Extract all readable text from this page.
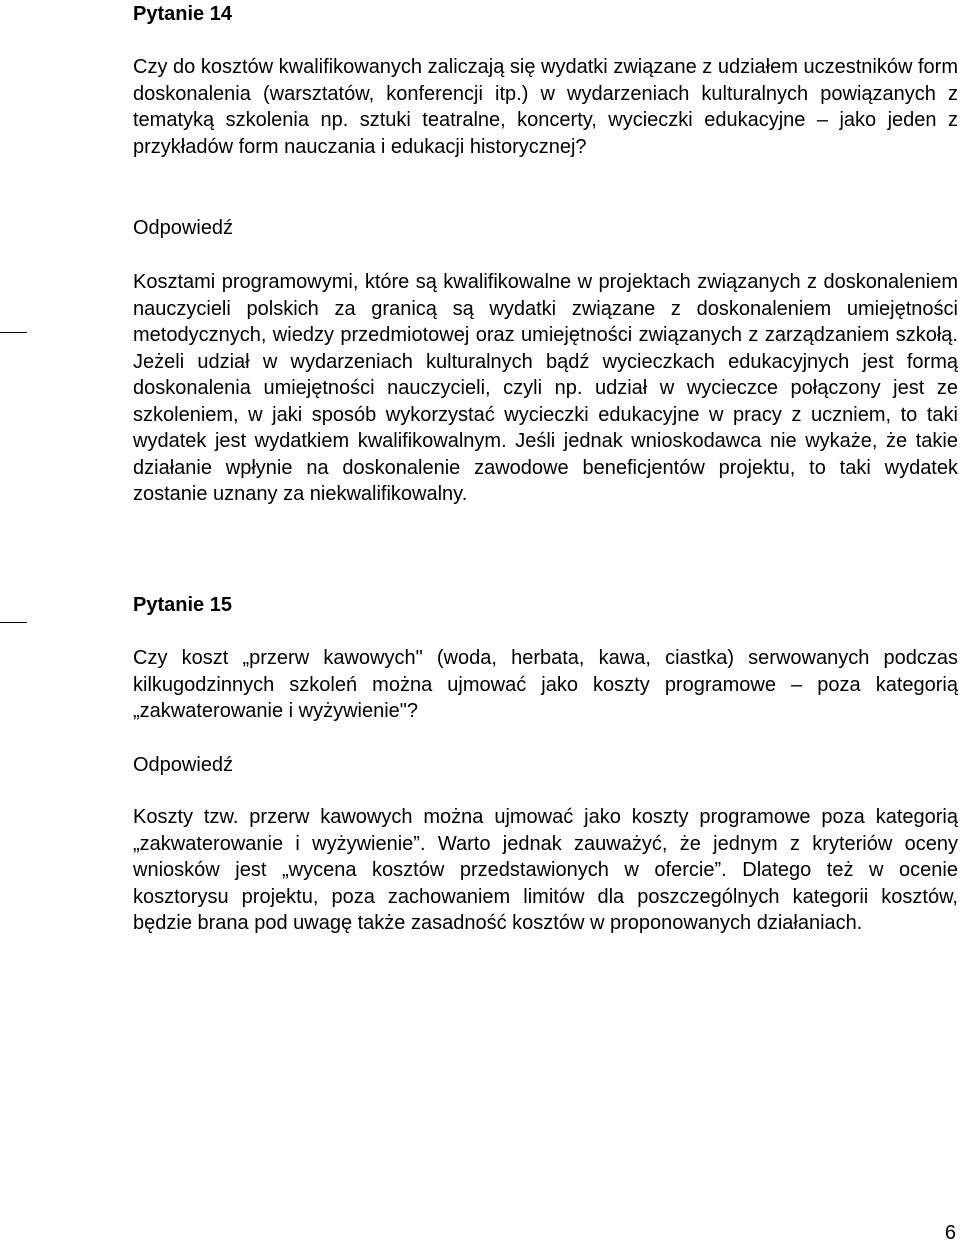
Pytanie 14

Czy do kosztów kwalifikowanych zaliczają się wydatki związane z udziałem uczestników form doskonalenia (warsztatów, konferencji itp.) w wydarzeniach kulturalnych powiązanych z tematyką szkolenia np. sztuki teatralne, koncerty, wycieczki edukacyjne – jako jeden z przykładów form nauczania i edukacji historycznej?

Odpowiedź

Kosztami programowymi, które są kwalifikowalne w projektach związanych z doskonaleniem nauczycieli polskich za granicą są wydatki związane z doskonaleniem umiejętności metodycznych, wiedzy przedmiotowej oraz umiejętności związanych z zarządzaniem szkołą. Jeżeli udział w wydarzeniach kulturalnych bądź wycieczkach edukacyjnych jest formą doskonalenia umiejętności nauczycieli, czyli np. udział w wycieczce połączony jest ze szkoleniem, w jaki sposób wykorzystać wycieczki edukacyjne w pracy z uczniem, to taki wydatek jest wydatkiem kwalifikowalnym. Jeśli jednak wnioskodawca nie wykaże, że takie działanie wpłynie na doskonalenie zawodowe beneficjentów projektu, to taki wydatek zostanie uznany za niekwalifikowalny.

Pytanie 15

Czy koszt „przerw kawowych" (woda, herbata, kawa, ciastka) serwowanych podczas kilkugodzinnych szkoleń można ujmować jako koszty programowe – poza kategorią „zakwaterowanie i wyżywienie"?

Odpowiedź

Koszty tzw. przerw kawowych można ujmować jako koszty programowe poza kategorią „zakwaterowanie i wyżywienie”. Warto jednak zauważyć, że jednym z kryteriów oceny wniosków jest „wycena kosztów przedstawionych w ofercie”. Dlatego też w ocenie kosztorysu projektu, poza zachowaniem limitów dla poszczególnych kategorii kosztów, będzie brana pod uwagę także zasadność kosztów w proponowanych działaniach.

6
